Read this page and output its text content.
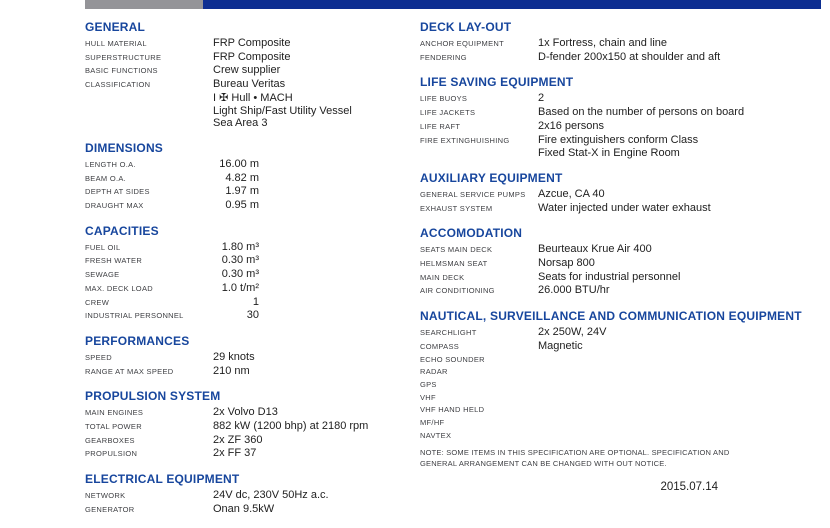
GENERAL
HULL MATERIAL	FRP Composite
SUPERSTRUCTURE	FRP Composite
BASIC FUNCTIONS	Crew supplier
CLASSIFICATION	Bureau Veritas
I ✠ Hull • MACH
Light Ship/Fast Utility Vessel
Sea Area 3
DIMENSIONS
LENGTH O.A.	16.00 m
BEAM O.A.	4.82 m
DEPTH AT SIDES	1.97 m
DRAUGHT MAX	0.95 m
CAPACITIES
FUEL OIL	1.80 m³
FRESH WATER	0.30 m³
SEWAGE	0.30 m³
MAX. DECK LOAD	1.0 t/m²
CREW	1
INDUSTRIAL PERSONNEL	30
PERFORMANCES
SPEED	29 knots
RANGE AT MAX SPEED	210 nm
PROPULSION SYSTEM
MAIN ENGINES	2x Volvo D13
TOTAL POWER	882 kW (1200 bhp) at 2180 rpm
GEARBOXES	2x ZF 360
PROPULSION	2x FF 37
ELECTRICAL EQUIPMENT
NETWORK	24V dc, 230V 50Hz a.c.
GENERATOR	Onan 9.5kW
DECK LAY-OUT
ANCHOR EQUIPMENT	1x Fortress, chain and line
FENDERING	D-fender 200x150 at shoulder and aft
LIFE SAVING EQUIPMENT
LIFE BUOYS	2
LIFE JACKETS	Based on the number of persons on board
LIFE RAFT	2x16 persons
FIRE EXTINGHUISHING	Fire extinguishers conform Class
Fixed Stat-X in Engine Room
AUXILIARY EQUIPMENT
GENERAL SERVICE PUMPS	Azcue, CA 40
EXHAUST SYSTEM	Water injected under water exhaust
ACCOMODATION
SEATS MAIN DECK	Beurteaux Krue Air 400
HELMSMAN SEAT	Norsap 800
MAIN DECK	Seats for industrial personnel
AIR CONDITIONING	26.000 BTU/hr
NAUTICAL, SURVEILLANCE AND COMMUNICATION EQUIPMENT
SEARCHLIGHT	2x 250W, 24V
COMPASS	Magnetic
ECHO SOUNDER
RADAR
GPS
VHF
VHF HAND HELD
MF/HF
NAVTEX
NOTE: SOME ITEMS IN THIS SPECIFICATION ARE OPTIONAL. SPECIFICATION AND GENERAL ARRANGEMENT CAN BE CHANGED WITH OUT NOTICE.
2015.07.14
